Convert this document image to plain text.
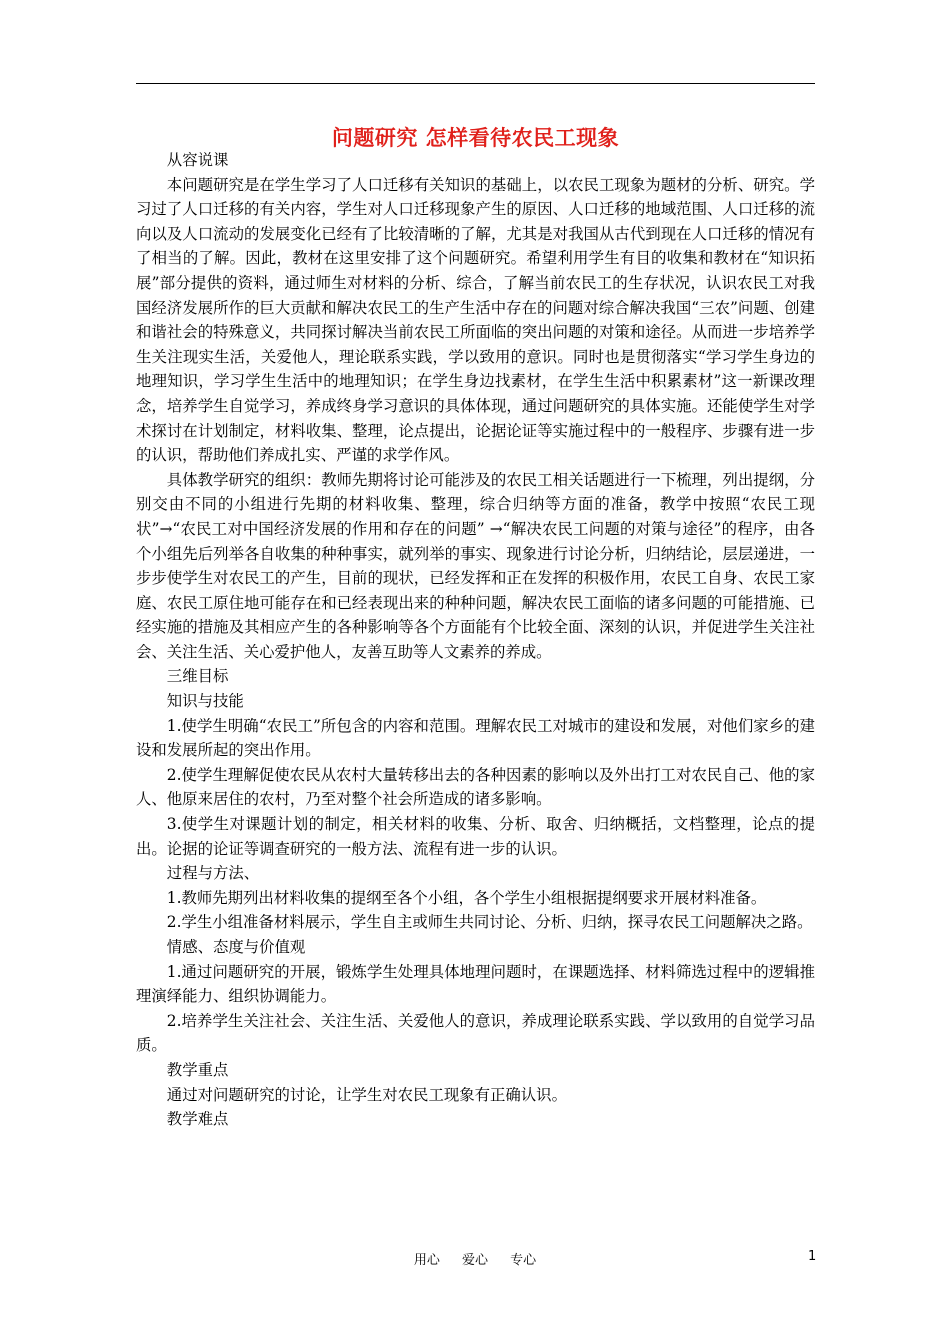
问题研究 怎样看待农民工现象

从容说课

本问题研究是在学生学习了人口迁移有关知识的基础上，以农民工现象为题材的分析、研究。学习过了人口迁移的有关内容，学生对人口迁移现象产生的原因、人口迁移的地域范围、人口迁移的流向以及人口流动的发展变化已经有了比较清晰的了解，尤其是对我国从古代到现在人口迁移的情况有了相当的了解。因此，教材在这里安排了这个问题研究。希望利用学生有目的收集和教材在“知识拓展”部分提供的资料，通过师生对材料的分析、综合，了解当前农民工的生存状况，认识农民工对我国经济发展所作的巨大贡献和解决农民工的生产生活中存在的问题对综合解决我国“三农”问题、创建和谐社会的特殊意义，共同探讨解决当前农民工所面临的突出问题的对策和途径。从而进一步培养学生关注现实生活，关爱他人，理论联系实践，学以致用的意识。同时也是贯彻落实“学习学生身边的地理知识，学习学生生活中的地理知识；在学生身边找素材，在学生生活中积累素材”这一新课改理念，培养学生自觉学习，养成终身学习意识的具体体现，通过问题研究的具体实施。还能使学生对学术探讨在计划制定，材料收集、整理，论点提出，论据论证等实施过程中的一般程序、步骤有进一步的认识，帮助他们养成扎实、严谨的求学作风。

具体教学研究的组织：教师先期将讨论可能涉及的农民工相关话题进行一下梳理，列出提纲，分别交由不同的小组进行先期的材料收集、整理，综合归纳等方面的准备，教学中按照“农民工现状”→“农民工对中国经济发展的作用和存在的问题” →“解决农民工问题的对策与途径”的程序，由各个小组先后列举各自收集的种种事实，就列举的事实、现象进行讨论分析，归纳结论，层层递进，一步步使学生对农民工的产生，目前的现状，已经发挥和正在发挥的积极作用，农民工自身、农民工家庭、农民工原住地可能存在和已经表现出来的种种问题，解决农民工面临的诸多问题的可能措施、已经实施的措施及其相应产生的各种影响等各个方面能有个比较全面、深刻的认识，并促进学生关注社会、关注生活、关心爱护他人，友善互助等人文素养的养成。

三维目标

知识与技能

1.使学生明确“农民工”所包含的内容和范围。理解农民工对城市的建设和发展，对他们家乡的建设和发展所起的突出作用。

2.使学生理解促使农民从农村大量转移出去的各种因素的影响以及外出打工对农民自己、他的家人、他原来居住的农村，乃至对整个社会所造成的诸多影响。

3.使学生对课题计划的制定，相关材料的收集、分析、取舍、归纳概括，文档整理，论点的提出。论据的论证等调查研究的一般方法、流程有进一步的认识。

过程与方法、

1.教师先期列出材料收集的提纲至各个小组，各个学生小组根据提纲要求开展材料准备。

2.学生小组准备材料展示，学生自主或师生共同讨论、分析、归纳，探寻农民工问题解决之路。

情感、态度与价值观

1.通过问题研究的开展，锻炼学生处理具体地理问题时，在课题选择、材料筛选过程中的逻辑推理演绎能力、组织协调能力。

2.培养学生关注社会、关注生活、关爱他人的意识，养成理论联系实践、学以致用的自觉学习品质。

教学重点

通过对问题研究的讨论，让学生对农民工现象有正确认识。

教学难点

用心 爱心 专心	1
